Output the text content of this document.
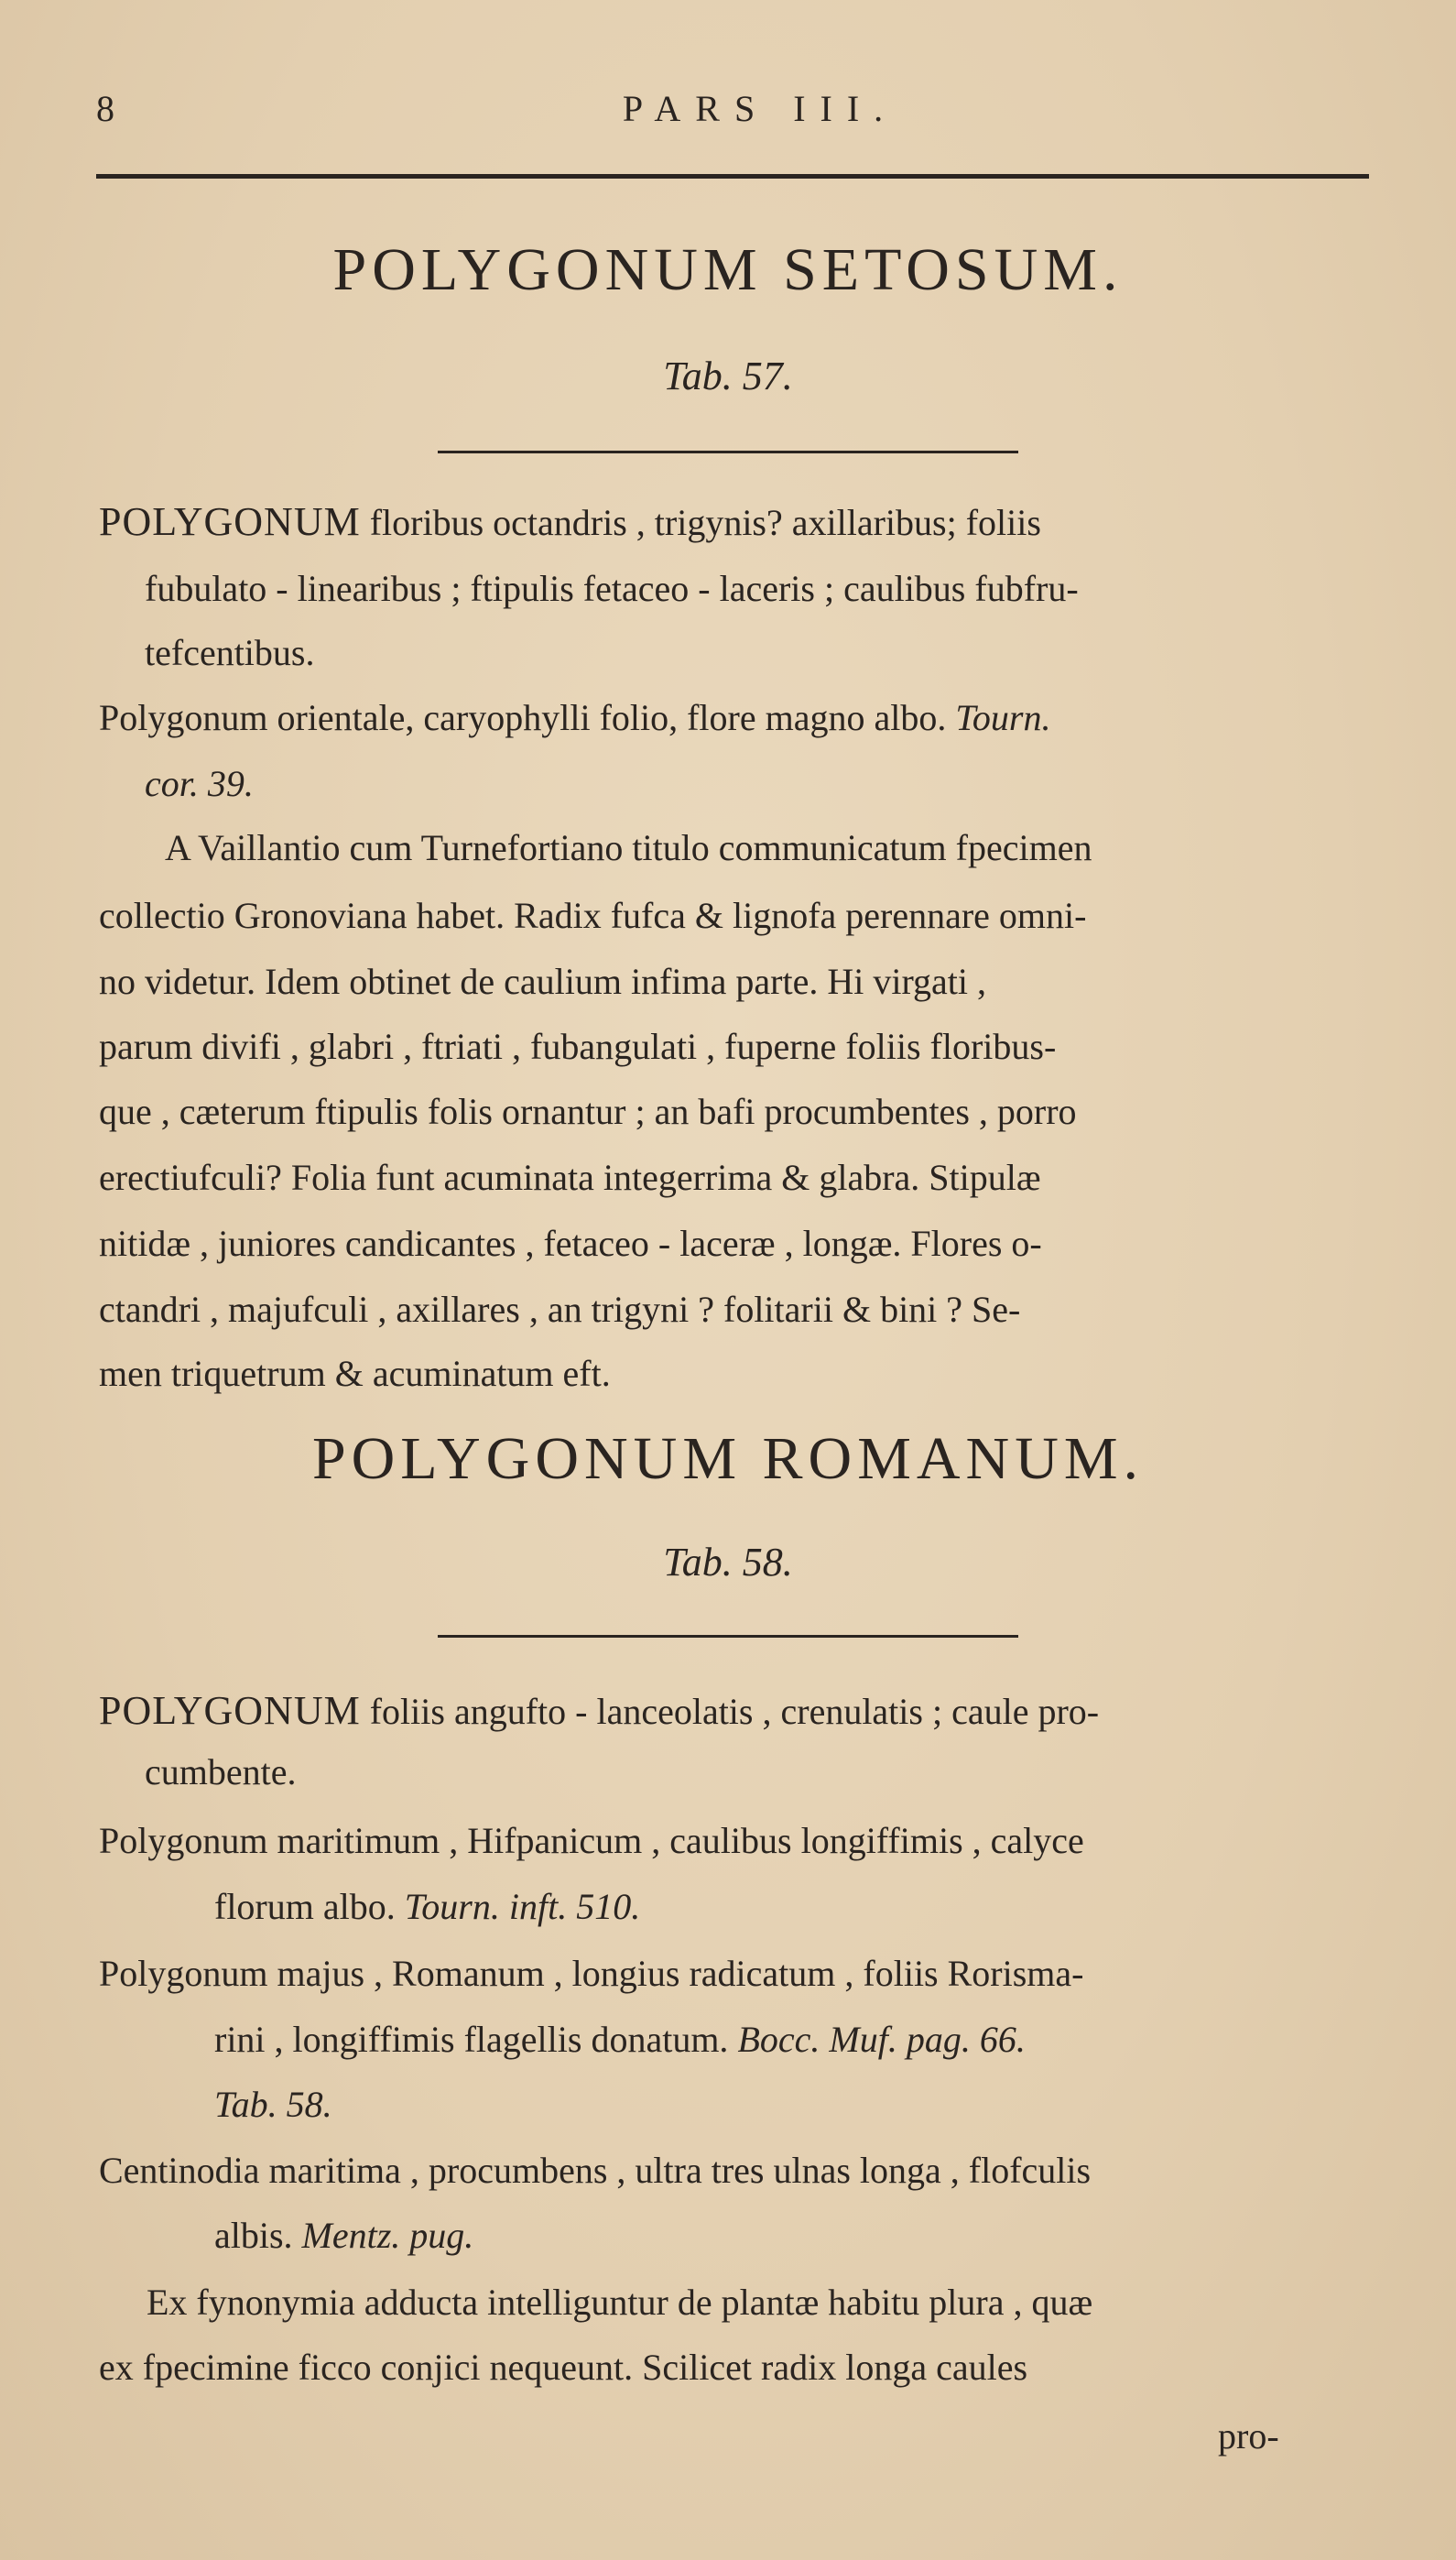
8	PARS III.
POLYGONUM SETOSUM.
Tab. 57.
POLYGONUM floribus octandris , trigynis? axillaribus; foliis
fubulato - linearibus ; ftipulis fetaceo - laceris ; caulibus fubfru-
tefcentibus.
Polygonum orientale, caryophylli folio, flore magno albo. Tourn.
cor. 39.
A Vaillantio cum Turnefortiano titulo communicatum fpecimen
collectio Gronoviana habet. Radix fufca & lignofa perennare omni-
no videtur. Idem obtinet de caulium infima parte. Hi virgati ,
parum divifi , glabri , ftriati , fubangulati , fuperne foliis floribus-
que , cæterum ftipulis folis ornantur ; an bafi procumbentes , porro
erectiufculi? Folia funt acuminata integerrima & glabra. Stipulæ
nitidæ , juniores candicantes , fetaceo - laceræ , longæ. Flores o-
ctandri , majufculi , axillares , an trigyni ? folitarii & bini ? Se-
men triquetrum & acuminatum eft.
POLYGONUM ROMANUM.
Tab. 58.
POLYGONUM foliis angufto - lanceolatis , crenulatis ; caule pro-
cumbente.
Polygonum maritimum , Hifpanicum , caulibus longiffimis , calyce
florum albo. Tourn. inft. 510.
Polygonum majus , Romanum , longius radicatum , foliis Rorisma-
rini , longiffimis flagellis donatum. Bocc. Muf. pag. 66.
Tab. 58.
Centinodia maritima , procumbens , ultra tres ulnas longa , flofculis
albis. Mentz. pug.
Ex fynonymia adducta intelliguntur de plantæ habitu plura , quæ
ex fpecimine ficco conjici nequeunt. Scilicet radix longa caules
pro-
